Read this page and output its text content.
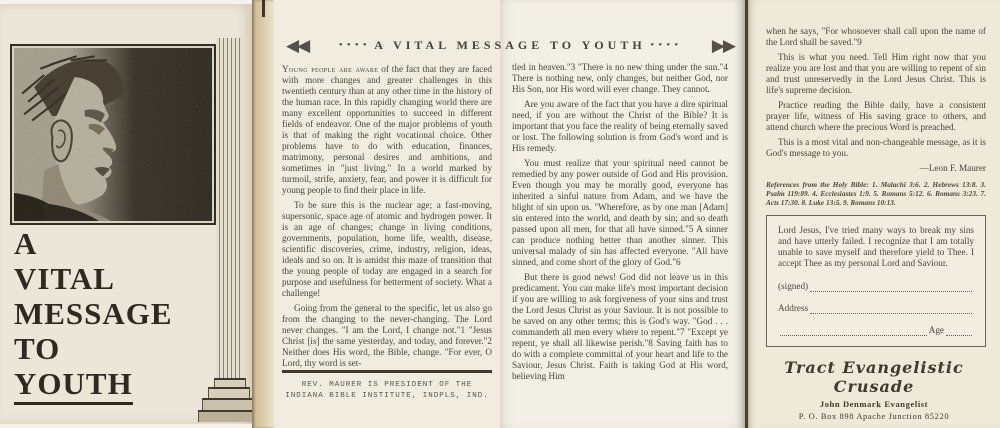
A
VITAL
MESSAGE
TO
YOUTH

Young people are aware of the fact that they are faced with more changes and greater challenges in this twentieth century than at any other time in the history of the human race. In this rapidly changing world there are many excellent opportunities to succeed in different fields of endeavor. One of the major problems of youth is that of making the right vocational choice. Other problems have to do with education, finances, matrimony, personal desires and ambitions, and sometimes in "just living." In a world marked by turmoil, strife, anxiety, fear, and power it is difficult for young people to find their place in life.

To be sure this is the nuclear age; a fast-moving, supersonic, space age of atomic and hydrogen power. It is an age of changes; change in living conditions, governments, population, home life, wealth, disease, scientific discoveries, crime, industry, religion, ideas, ideals and so on. It is amidst this maze of transition that the young people of today are engaged in a search for purpose and usefulness for betterment of society. What a challenge!

Going from the general to the specific, let us also go from the changing to the never-changing. The Lord never changes. "I am the Lord, I change not."1 "Jesus Christ [is] the same yesterday, and today, and forever."2 Neither does His word, the Bible, change. "For ever, O Lord, thy word is set-

REV. MAURER IS PRESIDENT OF THE
INDIANA BIBLE INSTITUTE, INDPLS, IND.

tled in heaven."3 "There is no new thing under the sun."4 There is nothing new, only changes, but neither God, nor His Son, nor His word will ever change. They cannot.

Are you aware of the fact that you have a dire spiritual need, if you are without the Christ of the Bible? It is important that you face the reality of being eternally saved or lost. The following solution is from God's word and is His remedy.

You must realize that your spiritual need cannot be remedied by any power outside of God and His provision. Even though you may be morally good, everyone has inherited a sinful nature from Adam, and we have the blight of sin upon us. "Wherefore, as by one man [Adam] sin entered into the world, and death by sin; and so death passed upon all men, for that all have sinned."5 A sinner can produce nothing better than another sinner. This universal malady of sin has affected everyone. "All have sinned, and come short of the glory of God."6

But there is good news! God did not leave us in this predicament. You can make life's most important decision if you are willing to ask forgiveness of your sins and trust the Lord Jesus Christ as your Saviour. It is not possible to be saved on any other terms; this is God's way. "God . . . commandeth all men every where to repent."7 "Except ye repent, ye shall all likewise perish."8 Saving faith has to do with a complete committal of your heart and life to the Saviour, Jesus Christ. Faith is taking God at His word, believing Him

◀◀ ···· A VITAL MESSAGE TO YOUTH ···· ▶▶

when he says, "For whosoever shall call upon the name of the Lord shall be saved."9

This is what you need. Tell Him right now that you realize you are lost and that you are willing to repent of sin and trust unreservedly in the Lord Jesus Christ. This is life's supreme decision.

Practice reading the Bible daily, have a consistent prayer life, witness of His saving grace to others, and attend church where the precious Word is preached.

This is a most vital and non-changeable message, as it is God's message to you.

—Leon F. Maurer

References from the Holy Bible: 1. Malachi 3:6. 2. Hebrews 13:8. 3. Psalm 119:89. 4. Ecclesiastes 1:9. 5. Romans 5:12. 6. Romans 3:23. 7. Acts 17:30. 8. Luke 13:5. 9. Romans 10:13.

Lord Jesus, I've tried many ways to break my sins and have utterly failed. I recognize that I am totally unable to save myself and therefore yield to Thee. I accept Thee as my personal Lord and Saviour.

(signed)
Address
Age
Tract Evangelistic Crusade
John Denmark Evangelist
P. O. Box 898 Apache Junction 85220
